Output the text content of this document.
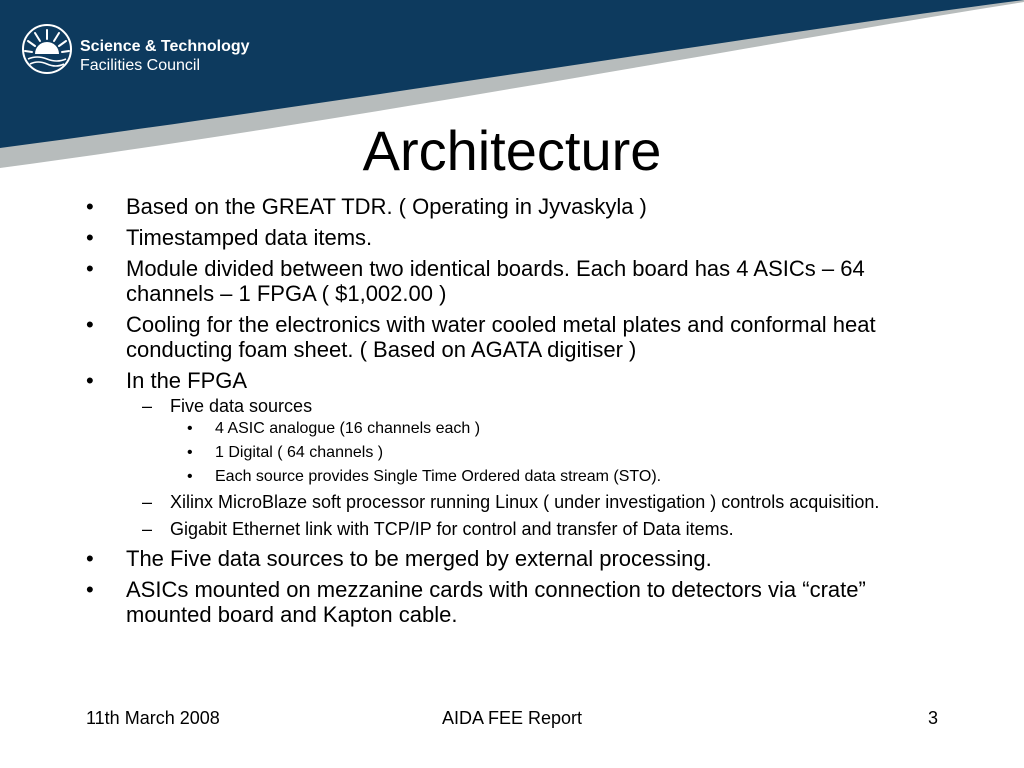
Science & Technology
Facilities Council
Architecture
• Based on the GREAT TDR. ( Operating in Jyvaskyla )
• Timestamped data items.
• Module divided between two identical boards. Each board has 4 ASICs – 64 channels – 1 FPGA ( $1,002.00 )
• Cooling for the electronics with water cooled metal plates and conformal heat conducting foam sheet. ( Based on AGATA digitiser )
• In the FPGA
– Five data sources
•	4 ASIC analogue (16 channels each )
•	1 Digital ( 64 channels )
•	Each source provides Single Time Ordered data stream (STO).
– Xilinx MicroBlaze soft processor running Linux ( under investigation ) controls acquisition.
– Gigabit Ethernet link with TCP/IP for control and transfer of Data items.
• The Five data sources to be merged by external processing.
• ASICs mounted on mezzanine cards with connection to detectors via “crate” mounted board and Kapton cable.
11th March 2008	AIDA FEE Report	3
